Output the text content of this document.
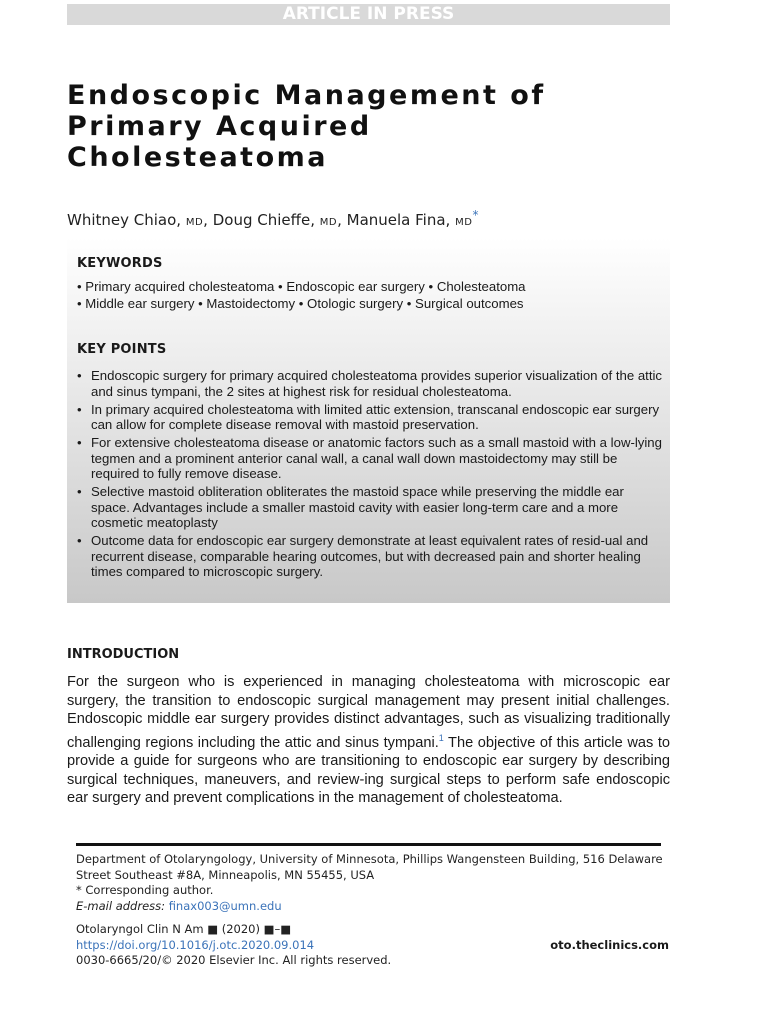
ARTICLE IN PRESS
Endoscopic Management of
Primary Acquired
Cholesteatoma
Whitney Chiao, MD, Doug Chieffe, MD, Manuela Fina, MD*
KEYWORDS
• Primary acquired cholesteatoma • Endoscopic ear surgery • Cholesteatoma
• Middle ear surgery • Mastoidectomy • Otologic surgery • Surgical outcomes
KEY POINTS
• Endoscopic surgery for primary acquired cholesteatoma provides superior visualization of the attic and sinus tympani, the 2 sites at highest risk for residual cholesteatoma.
• In primary acquired cholesteatoma with limited attic extension, transcanal endoscopic ear surgery can allow for complete disease removal with mastoid preservation.
• For extensive cholesteatoma disease or anatomic factors such as a small mastoid with a low-lying tegmen and a prominent anterior canal wall, a canal wall down mastoidectomy may still be required to fully remove disease.
• Selective mastoid obliteration obliterates the mastoid space while preserving the middle ear space. Advantages include a smaller mastoid cavity with easier long-term care and a more cosmetic meatoplasty
• Outcome data for endoscopic ear surgery demonstrate at least equivalent rates of resid-ual and recurrent disease, comparable hearing outcomes, but with decreased pain and shorter healing times compared to microscopic surgery.
INTRODUCTION

For the surgeon who is experienced in managing cholesteatoma with microscopic ear surgery, the transition to endoscopic surgical management may present initial challenges. Endoscopic middle ear surgery provides distinct advantages, such as visualizing traditionally challenging regions including the attic and sinus tympani.$^1$ The objective of this article was to provide a guide for surgeons who are transitioning to endoscopic ear surgery by describing surgical techniques, maneuvers, and review-ing surgical steps to perform safe endoscopic ear surgery and prevent complications in the management of cholesteatoma.

Department of Otolaryngology, University of Minnesota, Phillips Wangensteen Building, 516 Delaware Street Southeast #8A, Minneapolis, MN 55455, USA

* Corresponding author.

E-mail address: finax003@umn.edu

Otolaryngol Clin N Am ■ (2020) ■–■

https://doi.org/10.1016/j.otc.2020.09.014

0030-6665/20/© 2020 Elsevier Inc. All rights reserved.

oto.theclinics.com
